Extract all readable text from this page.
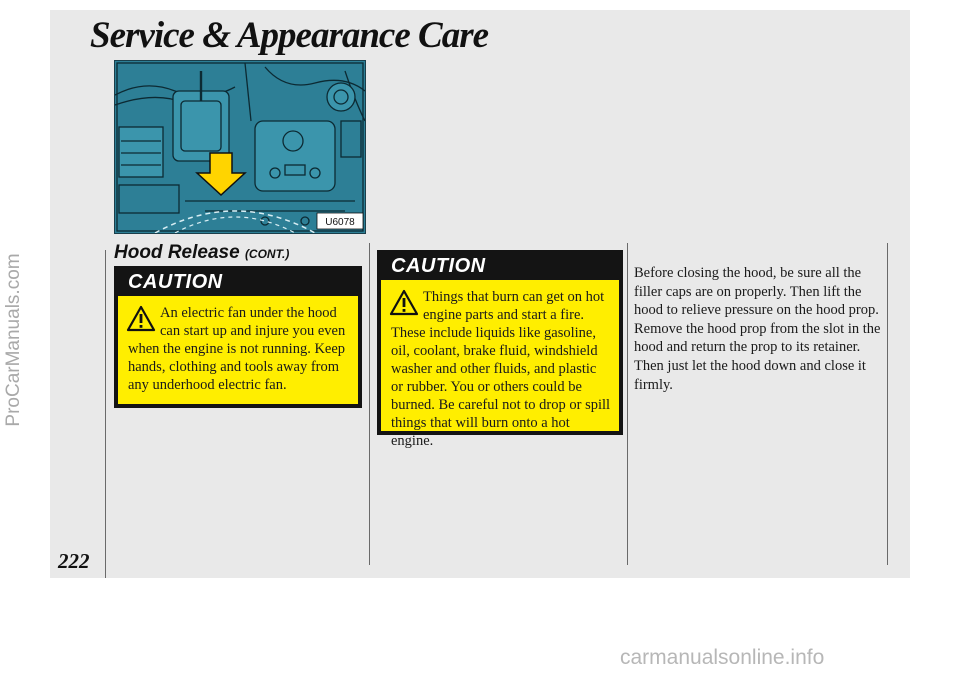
Service & Appearance Care
U6078
Hood Release (CONT.)
CAUTION
An electric fan under the hood can start up and injure you even when the engine is not running. Keep hands, clothing and tools away from any underhood electric fan.
CAUTION
Things that burn can get on hot engine parts and start a fire. These include liquids like gasoline, oil, coolant, brake fluid, windshield washer and other fluids, and plastic or rubber. You or others could be burned. Be careful not to drop or spill things that will burn onto a hot engine.

Before closing the hood, be sure all the filler caps are on properly. Then lift the hood to relieve pressure on the hood prop. Remove the hood prop from the slot in the hood and return the prop to its retainer. Then just let the hood down and close it firmly.

222

ProCarManuals.com

carmanualsonline.info
